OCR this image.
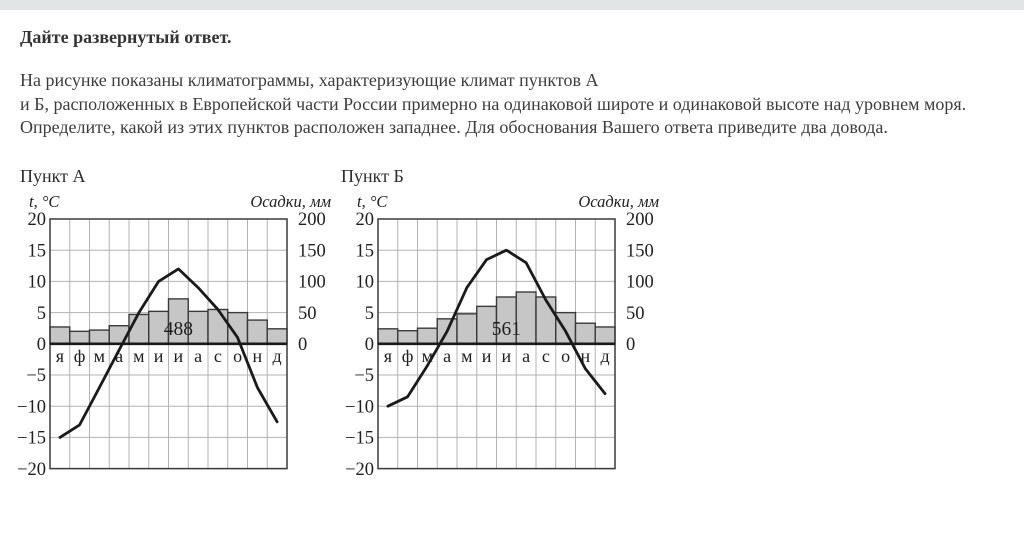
Дайте развернутый ответ.
На рисунке показаны климатограммы, характеризующие климат пунктов А
и Б, расположенных в Европейской части России примерно на одинаковой широте и одинаковой высоте над уровнем моря.
Определите, какой из этих пунктов расположен западнее. Для обоснования Вашего ответа приведите два довода.
Пункт А	Пункт Б
я ф м а м и и а с о н д
488
20
15
10
5
0
−5
−10
−15
−20
200
150
100
50
0
t, °C	Осадки, мм
я ф м а м и и а с о н д
561
20
15
10
5
0
−5
−10
−15
−20
200
150
100
50
0
t, °C	Осадки, мм
